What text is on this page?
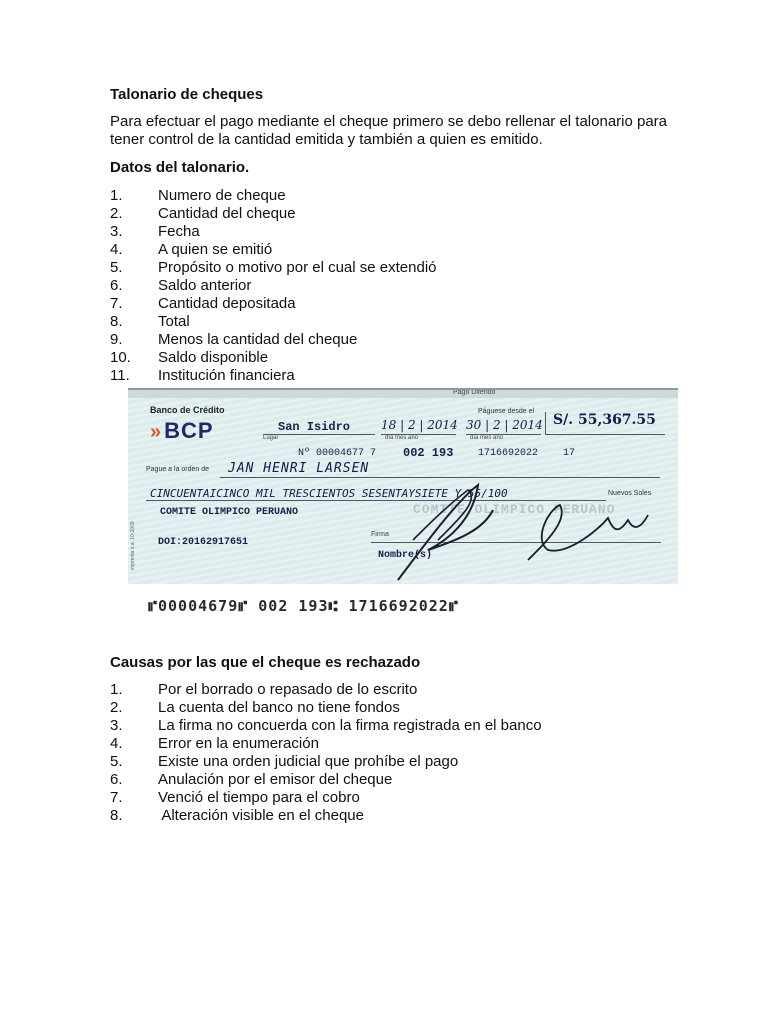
Talonario de cheques
Para efectuar el pago mediante el cheque primero se debo rellenar el talonario para tener control de la cantidad emitida y también a quien es emitido.
Datos del talonario.
1. Numero de cheque
2. Cantidad del cheque
3. Fecha
4. A quien se emitió
5. Propósito o motivo por el cual se extendió
6. Saldo anterior
7. Cantidad depositada
8. Total
9. Menos la cantidad del cheque
10. Saldo disponible
11. Institución financiera
Pago Diferido
Banco de Crédito
»BCP	San Isidro
Lugar
Páguese desde el
18 | 2 | 2014 30 | 2 | 2014
día mes año	día mes año
S/. 55,367.55
Nº 00004677 7 002 193 1716692022 17
Pague a la orden de JAN HENRI LARSEN
CINCUENTAICINCO MIL TRESCIENTOS SESENTAYSIETE Y 55/100	Nuevos Soles
COMITE OLIMPICO PERUANO
COMITE OLIMPICO PERUANO
DOI:20162917651
Firma
Nombre(s)
⑈00004679⑈ 002 193⑆ 1716692022⑈
imprenta s.a. 10-2009
Causas por las que el cheque es rechazado
1. Por el borrado o repasado de lo escrito
2. La cuenta del banco no tiene fondos
3. La firma no concuerda con la firma registrada en el banco
4. Error en la enumeración
5. Existe una orden judicial que prohíbe el pago
6. Anulación por el emisor del cheque
7. Venció el tiempo para el cobro
8. Alteración visible en el cheque
